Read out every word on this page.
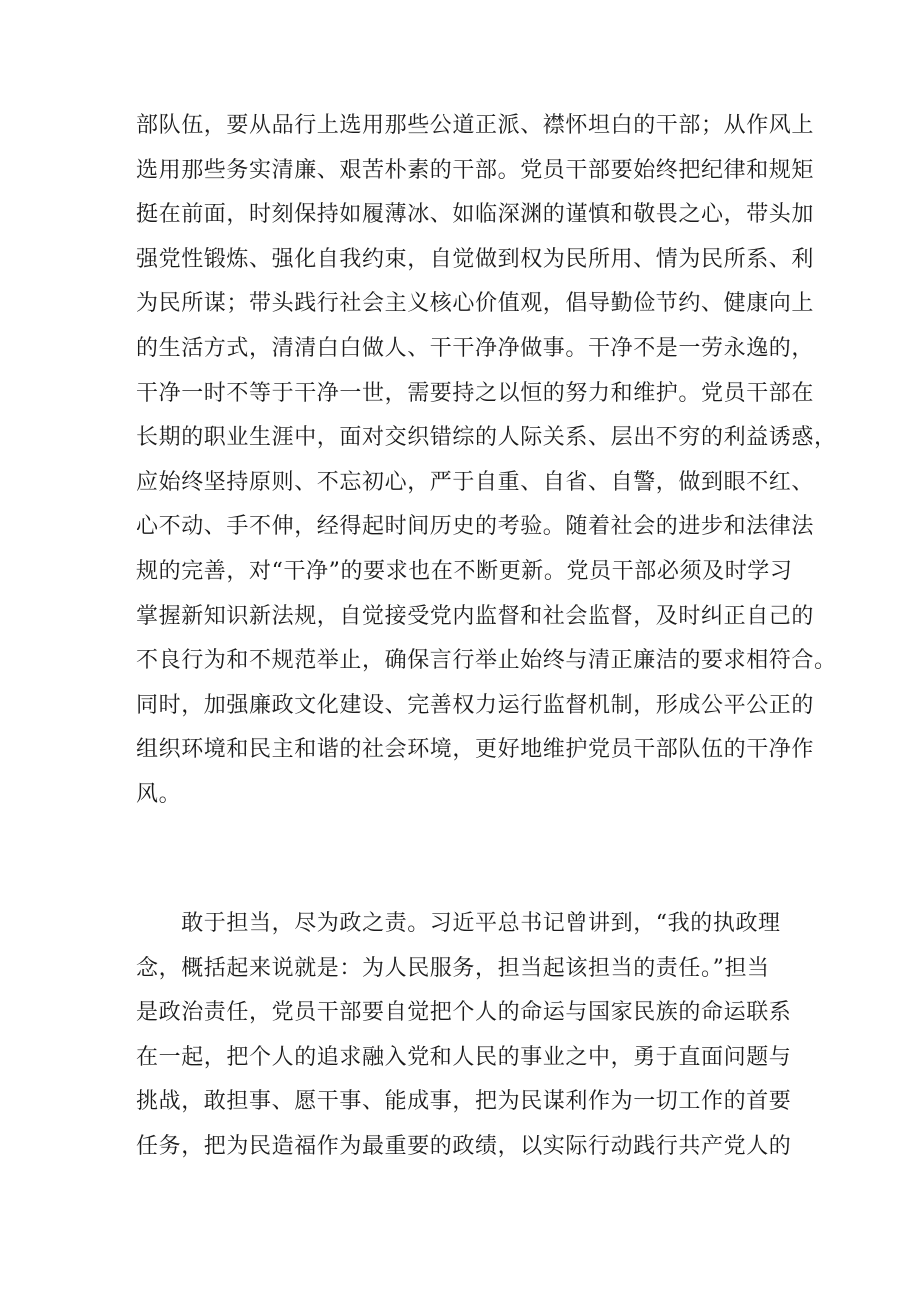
部队伍，要从品行上选用那些公道正派、襟怀坦白的干部；从作风上
选用那些务实清廉、艰苦朴素的干部。党员干部要始终把纪律和规矩
挺在前面，时刻保持如履薄冰、如临深渊的谨慎和敬畏之心，带头加
强党性锻炼、强化自我约束，自觉做到权为民所用、情为民所系、利
为民所谋；带头践行社会主义核心价值观，倡导勤俭节约、健康向上
的生活方式，清清白白做人、干干净净做事。干净不是一劳永逸的，
干净一时不等于干净一世，需要持之以恒的努力和维护。党员干部在
长期的职业生涯中，面对交织错综的人际关系、层出不穷的利益诱惑，
应始终坚持原则、不忘初心，严于自重、自省、自警，做到眼不红、
心不动、手不伸，经得起时间历史的考验。随着社会的进步和法律法
规的完善，对“干净”的要求也在不断更新。党员干部必须及时学习
掌握新知识新法规，自觉接受党内监督和社会监督，及时纠正自己的
不良行为和不规范举止，确保言行举止始终与清正廉洁的要求相符合。
同时，加强廉政文化建设、完善权力运行监督机制，形成公平公正的
组织环境和民主和谐的社会环境，更好地维护党员干部队伍的干净作
风。
　　敢于担当，尽为政之责。习近平总书记曾讲到，“我的执政理
念，概括起来说就是：为人民服务，担当起该担当的责任。”担当
是政治责任，党员干部要自觉把个人的命运与国家民族的命运联系
在一起，把个人的追求融入党和人民的事业之中，勇于直面问题与
挑战，敢担事、愿干事、能成事，把为民谋利作为一切工作的首要
任务，把为民造福作为最重要的政绩，以实际行动践行共产党人的
